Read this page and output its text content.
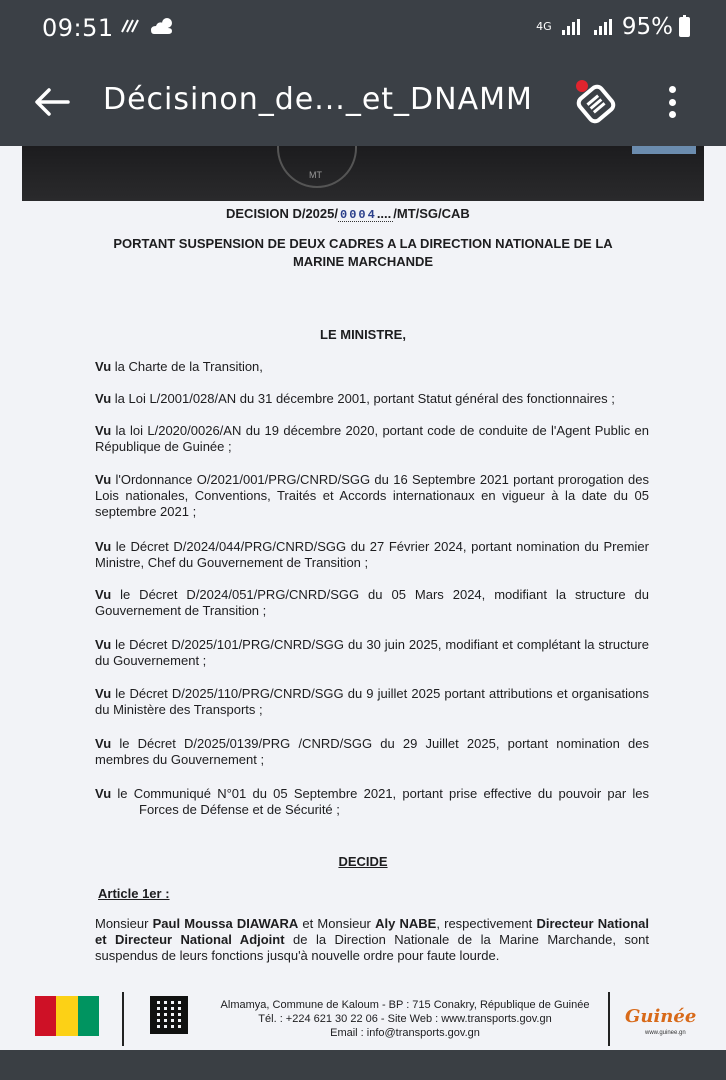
09:51	4G	95%
Décisinon_de..._et_DNAMM
MT
DECISION D/2025/ 0004.... /MT/SG/CAB
PORTANT SUSPENSION DE DEUX CADRES A LA DIRECTION NATIONALE DE LA
MARINE MARCHANDE
LE MINISTRE,
Vu la Charte de la Transition,
Vu la Loi L/2001/028/AN du 31 décembre 2001, portant Statut général des fonctionnaires ;
Vu la loi L/2020/0026/AN du 19 décembre 2020, portant code de conduite de l'Agent Public en République de Guinée ;
Vu l'Ordonnance O/2021/001/PRG/CNRD/SGG du 16 Septembre 2021 portant prorogation des Lois nationales, Conventions, Traités et Accords internationaux en vigueur à la date du 05 septembre 2021 ;
Vu le Décret D/2024/044/PRG/CNRD/SGG du 27 Février 2024, portant nomination du Premier Ministre, Chef du Gouvernement de Transition ;
Vu le Décret D/2024/051/PRG/CNRD/SGG du 05 Mars 2024, modifiant la structure du Gouvernement de Transition ;
Vu le Décret D/2025/101/PRG/CNRD/SGG du 30 juin 2025, modifiant et complétant la structure du Gouvernement ;
Vu le Décret D/2025/110/PRG/CNRD/SGG du 9 juillet 2025 portant attributions et organisations du Ministère des Transports ;
Vu le Décret D/2025/0139/PRG /CNRD/SGG du 29 Juillet 2025, portant nomination des membres du Gouvernement ;
Vu le Communiqué N°01 du 05 Septembre 2021, portant prise effective du pouvoir par les Forces de Défense et de Sécurité ;
DECIDE
Article 1er :
Monsieur Paul Moussa DIAWARA et Monsieur Aly NABE, respectivement Directeur National et Directeur National Adjoint de la Direction Nationale de la Marine Marchande, sont suspendus de leurs fonctions jusqu'à nouvelle ordre pour faute lourde.
Almamya, Commune de Kaloum - BP : 715 Conakry, République de Guinée
Tél. : +224 621 30 22 06 - Site Web : www.transports.gov.gn
Email : info@transports.gov.gn
Guinée
www.guinee.gn
